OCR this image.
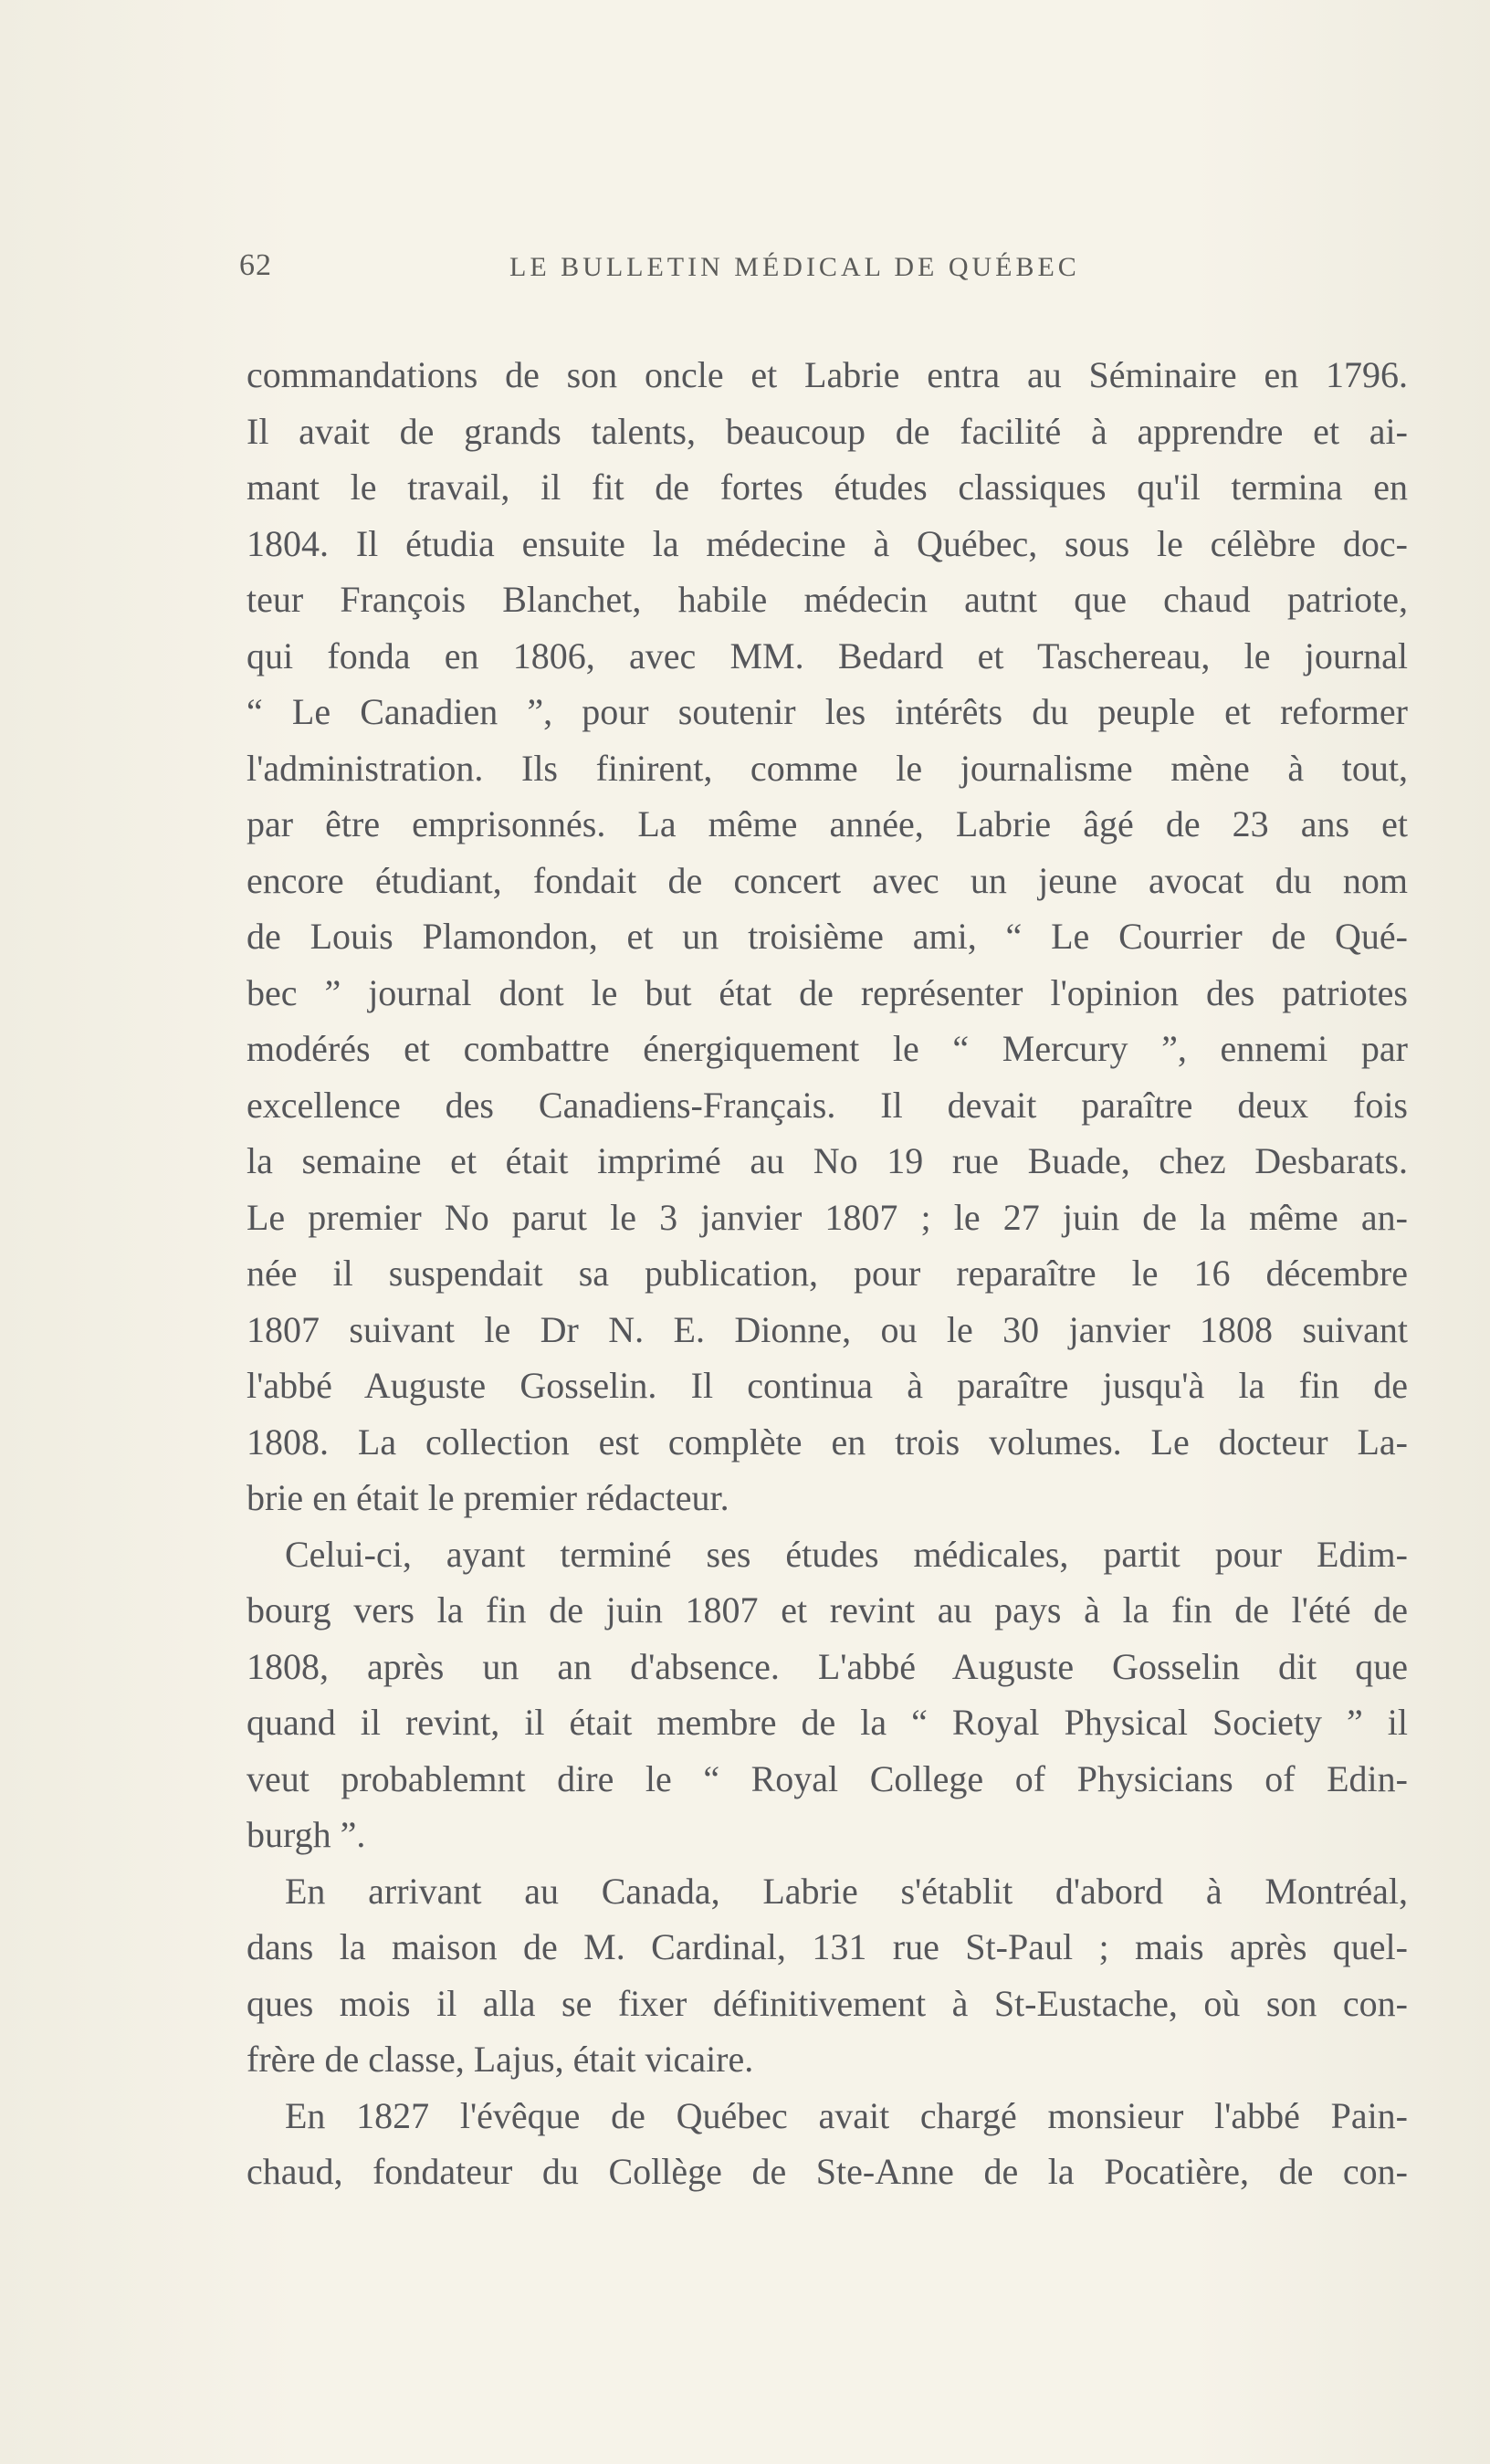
62	LE BULLETIN MÉDICAL DE QUÉBEC
commandations de son oncle et Labrie entra au Séminaire en 1796.
Il avait de grands talents, beaucoup de facilité à apprendre et ai-
mant le travail, il fit de fortes études classiques qu'il termina en
1804. Il étudia ensuite la médecine à Québec, sous le célèbre doc-
teur François Blanchet, habile médecin autnt que chaud patriote,
qui fonda en 1806, avec MM. Bedard et Taschereau, le journal
“ Le Canadien ”, pour soutenir les intérêts du peuple et reformer
l'administration. Ils finirent, comme le journalisme mène à tout,
par être emprisonnés. La même année, Labrie âgé de 23 ans et
encore étudiant, fondait de concert avec un jeune avocat du nom
de Louis Plamondon, et un troisième ami, “ Le Courrier de Qué-
bec ” journal dont le but état de représenter l'opinion des patriotes
modérés et combattre énergiquement le “ Mercury ”, ennemi par
excellence des Canadiens-Français. Il devait paraître deux fois
la semaine et était imprimé au No 19 rue Buade, chez Desbarats.
Le premier No parut le 3 janvier 1807 ; le 27 juin de la même an-
née il suspendait sa publication, pour reparaître le 16 décembre
1807 suivant le Dr N. E. Dionne, ou le 30 janvier 1808 suivant
l'abbé Auguste Gosselin. Il continua à paraître jusqu'à la fin de
1808. La collection est complète en trois volumes. Le docteur La-
brie en était le premier rédacteur.
Celui-ci, ayant terminé ses études médicales, partit pour Edim-
bourg vers la fin de juin 1807 et revint au pays à la fin de l'été de
1808, après un an d'absence. L'abbé Auguste Gosselin dit que
quand il revint, il était membre de la “ Royal Physical Society ” il
veut probablemnt dire le “ Royal College of Physicians of Edin-
burgh ”.
En arrivant au Canada, Labrie s'établit d'abord à Montréal,
dans la maison de M. Cardinal, 131 rue St-Paul ; mais après quel-
ques mois il alla se fixer définitivement à St-Eustache, où son con-
frère de classe, Lajus, était vicaire.
En 1827 l'évêque de Québec avait chargé monsieur l'abbé Pain-
chaud, fondateur du Collège de Ste-Anne de la Pocatière, de con-
